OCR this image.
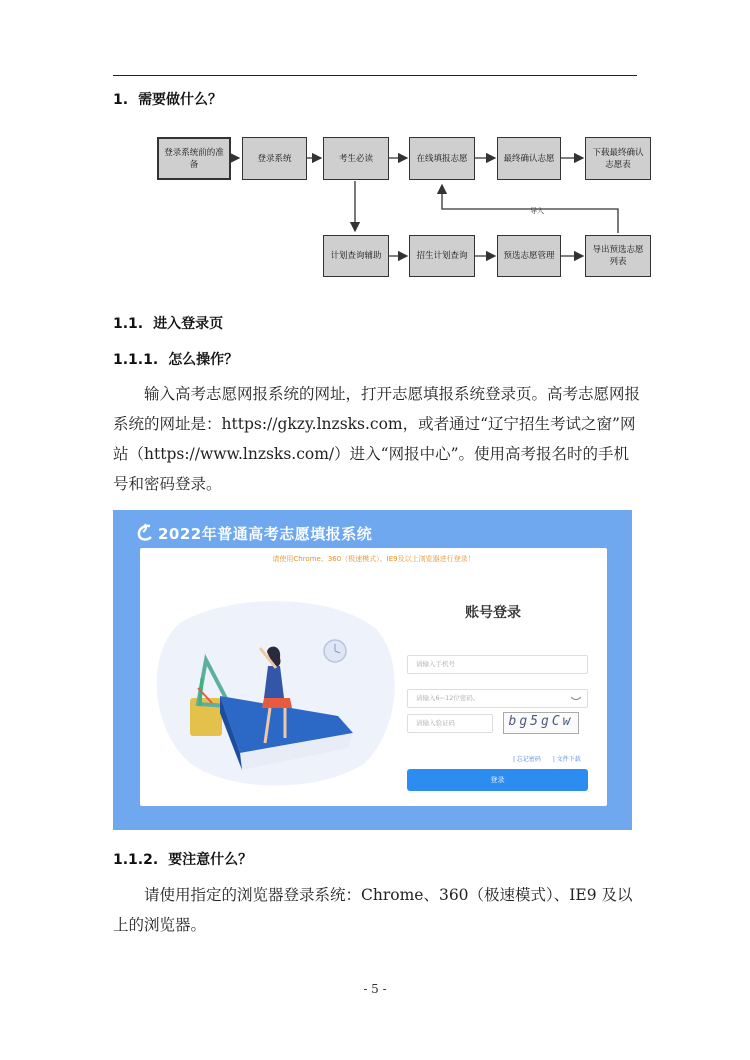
1. 需要做什么？
导入
登录系统前的准备
登录系统	考生必读	在线填报志愿	最终确认志愿
下载最终确认志愿表
计划查询辅助	招生计划查询	预选志愿管理
导出预选志愿列表
1.1. 进入登录页
1.1.1. 怎么操作？
输入高考志愿网报系统的网址，打开志愿填报系统登录页。高考志愿网报系统的网址是：https://gkzy.lnzsks.com，或者通过“辽宁招生考试之窗”网站（https://www.lnzsks.com/）进入“网报中心”。使用高考报名时的手机号和密码登录。
2022年普通高考志愿填报系统
请使用Chrome、360（极速模式）、IE9及以上浏览器进行登录！
账号登录
请输入手机号
请输入6~12位密码。
请输入验证码	bg5gCw
| 忘记密码 | 文件下载
登录
1.1.2. 要注意什么？
请使用指定的浏览器登录系统：Chrome、360（极速模式）、IE9 及以上的浏览器。
- 5 -
